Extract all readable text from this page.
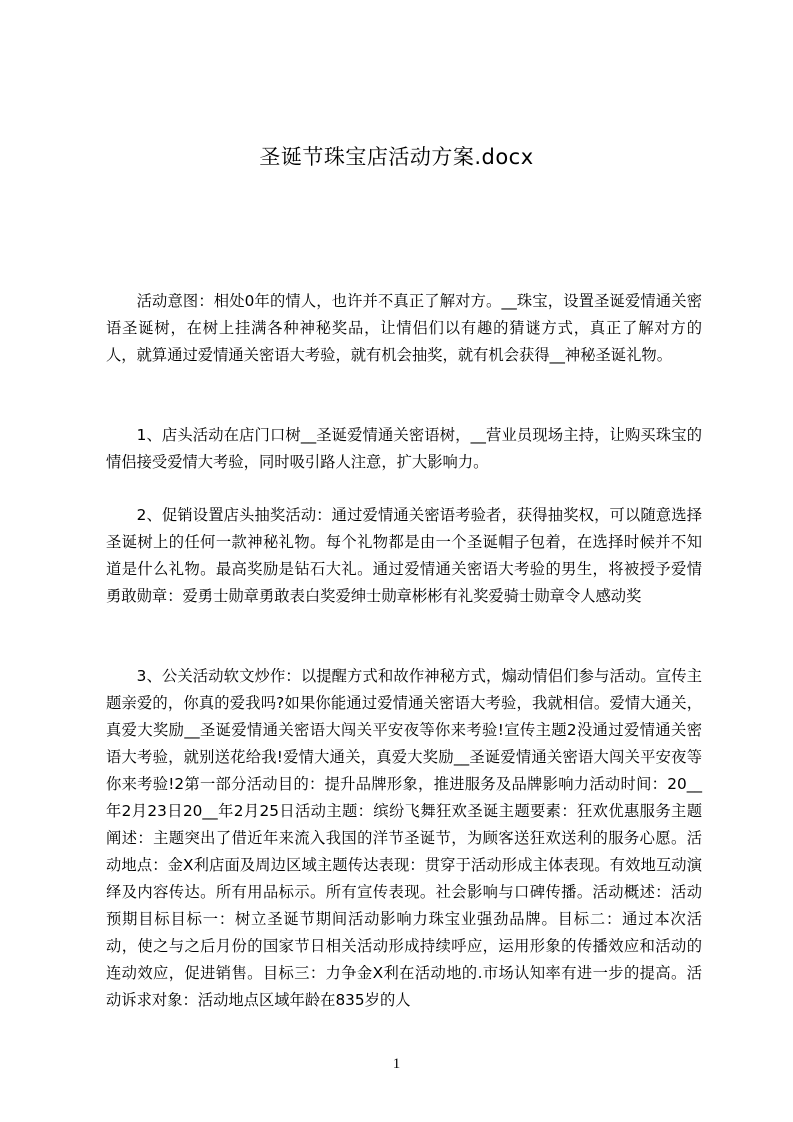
圣诞节珠宝店活动方案.docx

活动意图：相处0年的情人，也许并不真正了解对方。__珠宝，设置圣诞爱情通关密语圣诞树，在树上挂满各种神秘奖品，让情侣们以有趣的猜谜方式，真正了解对方的人，就算通过爱情通关密语大考验，就有机会抽奖，就有机会获得__神秘圣诞礼物。

1、店头活动在店门口树__圣诞爱情通关密语树，__营业员现场主持，让购买珠宝的情侣接受爱情大考验，同时吸引路人注意，扩大影响力。

2、促销设置店头抽奖活动：通过爱情通关密语考验者，获得抽奖权，可以随意选择圣诞树上的任何一款神秘礼物。每个礼物都是由一个圣诞帽子包着，在选择时候并不知道是什么礼物。最高奖励是钻石大礼。通过爱情通关密语大考验的男生，将被授予爱情勇敢勋章：爱勇士勋章勇敢表白奖爱绅士勋章彬彬有礼奖爱骑士勋章令人感动奖

3、公关活动软文炒作：以提醒方式和故作神秘方式，煽动情侣们参与活动。宣传主题亲爱的，你真的爱我吗?如果你能通过爱情通关密语大考验，我就相信。爱情大通关，真爱大奖励__圣诞爱情通关密语大闯关平安夜等你来考验!宣传主题2没通过爱情通关密语大考验，就别送花给我!爱情大通关，真爱大奖励__圣诞爱情通关密语大闯关平安夜等你来考验!2第一部分活动目的：提升品牌形象，推进服务及品牌影响力活动时间：20__年2月23日20__年2月25日活动主题：缤纷飞舞狂欢圣诞主题要素：狂欢优惠服务主题阐述：主题突出了借近年来流入我国的洋节圣诞节，为顾客送狂欢送利的服务心愿。活动地点：金X利店面及周边区域主题传达表现：贯穿于活动形成主体表现。有效地互动演绎及内容传达。所有用品标示。所有宣传表现。社会影响与口碑传播。活动概述：活动预期目标目标一：树立圣诞节期间活动影响力珠宝业强劲品牌。目标二：通过本次活动，使之与之后月份的国家节日相关活动形成持续呼应，运用形象的传播效应和活动的连动效应，促进销售。目标三：力争金X利在活动地的.市场认知率有进一步的提高。活动诉求对象：活动地点区域年龄在835岁的人

1
